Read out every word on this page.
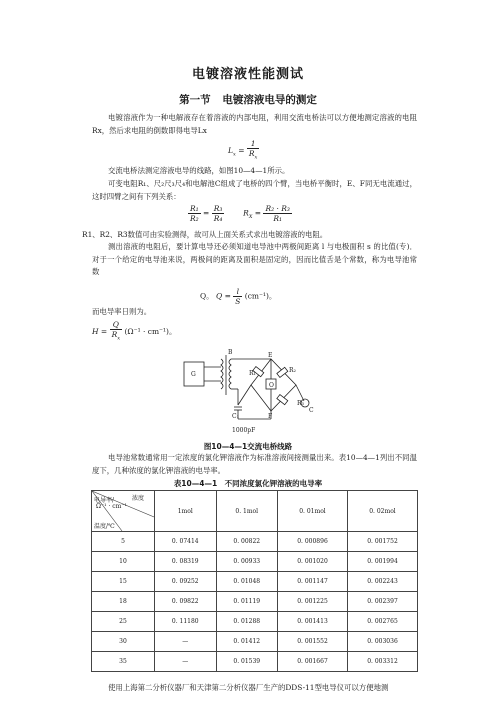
电镀溶液性能测试
第一节 电镀溶液电导的测定
电镀溶液作为一种电解液存在着溶液的内部电阻，利用交流电桥法可以方便地测定溶液的电阻Rx，然后求电阻的倒数即得电导Lx
$L_x = \frac{1}{R_x}$
交流电桥法测定溶液电导的线路，如图10—4—1所示。
可变电阻R₁、尺₂尺₃尺₄和电解池C组成了电桥的四个臂，当电桥平衡时，E、F同无电流通过，这时四臂之间有下列关系：
$\frac{\text{R₁}}{\text{R₂}} = \frac{\text{R₃}}{\text{R₄}}$	$R_X = \frac{\text{R₂ · R₃}}{\text{R₁}}$
R1、R2、R3数值可由实验测得，故可从上面关系式求出电镀溶液的电阻。
测出溶液的电阻后，要计算电导还必须知道电导池中两极间距离 l 与电极面积 s 的比值(专)．对于一个给定的电导池来说，两极间的距离及面积是固定的，因而比值舌是个常数，称为电导池常数
Q。 $Q = \frac{l}{S} (cm^{-1})$。
而电导率日则为。
$H = \frac{Q}{R_x} (\Omega^{-1} \cdot cm^{-1})$。
G
B	E
F
R₁	R₂
O
R₃
C
C₁
1000pF
图10—4—1交流电桥线路
电导池常数通常用一定浓度的氯化钾溶液作为标准溶液间接测量出来。表10—4—1列出不同温度下，几种浓度的氯化钾溶液的电导率。
表10—4—1　不同浓度氯化钾溶液的电导率
电导率/
Ω⁻¹ · cm⁻¹
浓度
温度/℃	1mol	0. 1mol	0. 01mol	0. 02mol
5	0. 07414	0. 00822	0. 000896	0. 001752
10	0. 08319	0. 00933	0. 001020	0. 001994
15	0. 09252	0. 01048	0. 001147	0. 002243
18	0. 09822	0. 01119	0. 001225	0. 002397
25	0. 11180	0. 01288	0. 001413	0. 002765
30	—	0. 01412	0. 001552	0. 003036
35	—	0. 01539	0. 001667	0. 003312
使用上海第二分析仪器厂和天津第二分析仪器厂生产的DDS-11型电导仪可以方便地测
